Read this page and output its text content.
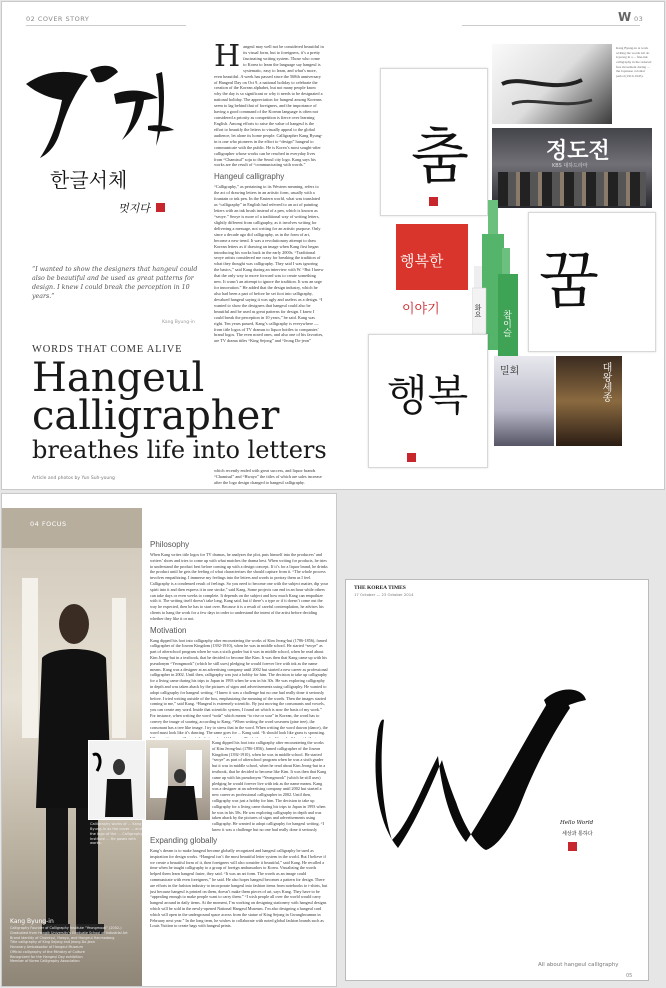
02 COVER STORY	W 03
한글서체
멋지다
“I wanted to show the designers that hangeul could also be beautiful and be used as great patterns for design. I knew I could break the perception in 10 years.”
Kang Byung-in
WORDS THAT COME ALIVE
Hangeul
calligrapher
breathes life into letters
Article and photos by Yun Suh-young

Hangeul may well not be considered beautiful in its visual form, but to foreigners, it’s a pretty fascinating writing system. Those who come to Korea to learn the language say hangeul is systematic, easy to learn, and what’s more, even beautiful. A week has passed since the 568th anniversary of Hangeul Day on Oct 9, a national holiday to celebrate the creation of the Korean alphabet, but not many people know why the day is so significant or why it needs to be designated a national holiday. The appreciation for hangeul among Koreans seem to lag behind that of foreigners, and the importance of having a good command of the Korean language is often not considered a priority as competition is fierce over learning English. Among efforts to raise the value of hangeul is the effort to beautify the letters to visually appeal to the global audience, let alone its home people. Calligrapher Kang Byung-in is one who pioneers in the effort to “design” hangeul to communicate with the public. He is Korea’s most sought-after calligrapher whose works can be reached in everyday lives from “Chamisul” soju to the Seoul city logo. Kang says his works are the result of “communicating with words.”

Hangeul calligraphy

“Calligraphy,” as pertaining to its Western meaning, refers to the act of drawing letters in an artistic form, usually with a fountain or ink pen. In the Eastern world, what was translated as “calligraphy” in English had referred to an act of painting letters with an ink brush instead of a pen, which is known as “seoye.” Seoye is more of a traditional way of writing letters, slightly different from calligraphy, as it involves writing for delivering a message, not writing for an artistic purpose. Only since a decade ago did calligraphy, as in the form of art, become a new trend. It was a revolutionary attempt to draw Korean letters as if drawing an image when Kang first began introducing his works back in the early 2000s. “Traditional seoye artists considered me crazy for breaking the tradition of what they thought was calligraphy. They said I was ignoring the basics,” said Kang during an interview with W. “But I knew that the only way to move forward was to create something new. It wasn’t an attempt to ignore the tradition. It was an urge for innovation.” He added that the design industry, which he also had been a part of before he set foot into calligraphy, devalued hangeul saying it was ugly and useless as a design. “I wanted to show the designers that hangeul could also be beautiful and be used as great patterns for design. I knew I could break the perception in 10 years,” he said. Kang was right. Ten years passed, Kang’s calligraphy is everywhere — from title logos of TV dramas to liquor bottles to companies’ brand logos. The even noted ones, and also one of his favorites, are TV drama titles “King Sejong” and “Jeong Do-jeon”

which recently ended with great success, and liquor brands “Chamisul” and “Hwayo” the titles of which are sales increase after the logo design changed to hangeul calligraphy.

춤
Kang Byung-in at work writing the words Gil do Gyeong in a ... fine-ink calligraphy in the reduced free movement during ... the Japanese colonial period (1910-1945).
정도전
KBS 대하드라마
행복한
이야기
참이슬
화요 꿈
행복	밀회	대왕세종
04 FOCUS
Calligraphy works of ... Kang Byung-in as the cover ... and the logo of the ... Calligraphy Institute ... He poses with works.
Kang Byung-in
Calligraphy Founder of Calligraphy Institute “Yeongmook” (2002-)
Graduated from Hongik University’s Graduate School of Industrial Art
Brand identity of Chamisul, Hwayo, and Hangeul Hanmadang
Title calligraphy of King Sejong and Jeong Do-jeon
Honorary Ambassador of Hangeul Museum
Official calligraphy of the Ministry of Culture
Recognized for the Hangeul Day exhibition
Member of Korea Calligraphy Association
Philosophy

When Kang writes title logos for TV dramas, he analyzes the plot, puts himself into the producers’ and writers’ shoes and tries to come up with what matches the drama best. When writing for products, he tries to understand the product best before coming up with a design concept. If it’s for a liquor brand, he drinks the product until he gets the feeling of what characterizes the should capture from it. “The whole process involves empathizing. I immerse my feelings into the letters and words to portray them as I feel. Calligraphy is a condensed result of feelings. So you need to become one with the subject matter, dip your spirit into it and then express it in one stroke,” said Kang. Some projects can end in an hour while others can take days or even weeks to complete. It depends on the subject and how much Kang can empathize with it. The writing itself doesn’t take long, Kang said, but if there’s a type or if it doesn’t come out the way he expected, then he has to start over. Because it is a result of careful contemplation, he advises his clients to hang the work for a few days in order to understand the intent of the artist before deciding whether they like it or not.

Motivation

Kang dipped his foot into calligraphy after encountering the works of Kim Jeong-hui (1786-1856), famed calligrapher of the Joseon Kingdom (1392-1910), when he was in middle school. He started “seoye” as part of afterschool program when he was a sixth grader but it was in middle school, when he read about Kim Jeong-hui in a textbook, that he decided to become like Kim. It was then that Kang came up with his pseudonym “Yeongmook” (which he still uses) pledging he would forever live with ink as the name means. Kang was a designer at an advertising company until 2002 but started a new career as professional calligrapher in 2002. Until then, calligraphy was just a hobby for him. The decision to take up calligraphy for a living came during his trips to Japan in 1993 when he was in his 30s. He was exploring calligraphy in depth and was taken aback by the pictures of signs and advertisements using calligraphy. He wanted to adopt calligraphy for hangeul writing. “I knew it was a challenge but no one had really done it seriously before. I tried writing outside of the box, emphasizing the meaning of the words. Then the images started coming to me,” said Kang. “Hangeul is extremely scientific. By just moving the consonants and vowels, you can create any word. Inside that scientific system, I found art which is now the basis of my work.” For instance, when writing the word “soda” which means “to rise or soar” in Korean, the word has to convey the image of soaring, according to Kang. “When writing the word soseureu (pine tree), the consonant has a tree like image. I try to stress that in the word. When writing the word dawon (dance), the word must look like it’s dancing. The same goes for ... Kang said. “It should look like grass is sprouting.

Kang dipped his foot into calligraphy after encountering the works of Kim Jeong-hui (1786-1856), famed calligrapher of the Joseon Kingdom (1392-1910), when he was in middle school. He started “seoye” as part of afterschool program when he was a sixth grader but it was in middle school, when he read about Kim Jeong-hui in a textbook, that he decided to become like Kim. It was then that Kang came up with his pseudonym “Yeongmook” (which he still uses) pledging he would forever live with ink as the name means. Kang was a designer at an advertising company until 2002 but started a new career as professional calligrapher in 2002. Until then, calligraphy was just a hobby for him. The decision to take up calligraphy for a living came during his trips to Japan in 1993 when he was in his 30s. He was exploring calligraphy in depth and was taken aback by the pictures of signs and advertisements using calligraphy. He wanted to adopt calligraphy for hangeul writing. “I knew it was a challenge but no one had really done it seriously

Expanding globally

Kang’s dream is to make hangeul become globally recognized and hangeul calligraphy be used as inspiration for design works. “Hangeul isn’t the most beautiful letter system in the world. But I believe if we create a beautiful form of it, then foreigners will also consider it beautiful,” said Kang. He recalled a time when he taught calligraphy to a group of foreign ambassadors to Korea. Visualizing the words helped them learn hangeul faster, they said. “It was an art form. The words as an image could communicate with even foreigners,” he said. He also hopes hangeul becomes a pattern for design. There are efforts in the fashion industry to incorporate hangeul into fashion items from notebooks to t-shirts, but just because hangeul is printed on them, doesn’t make them pieces of art, says Kang. They have to be “appealing enough to make people want to carry them.” “I wish people all over the world would carry hangeul around in daily items. At the moment, I’m working on designing stationery with hangeul designs which will be sold in the newly-opened National Hangeul Museum. I’m also designing a hangeul card which will open in the underground space across from the statue of King Sejong in Gwanghwamun in February next year.” In the long term, he wishes to collaborate with noted global fashion brands such as Louis Vuitton to create bags with hangeul prints.

THE KOREA TIMES
17 October — 23 October 2014
Hello World
세상과 통하다
All about hangeul calligraphy
05
